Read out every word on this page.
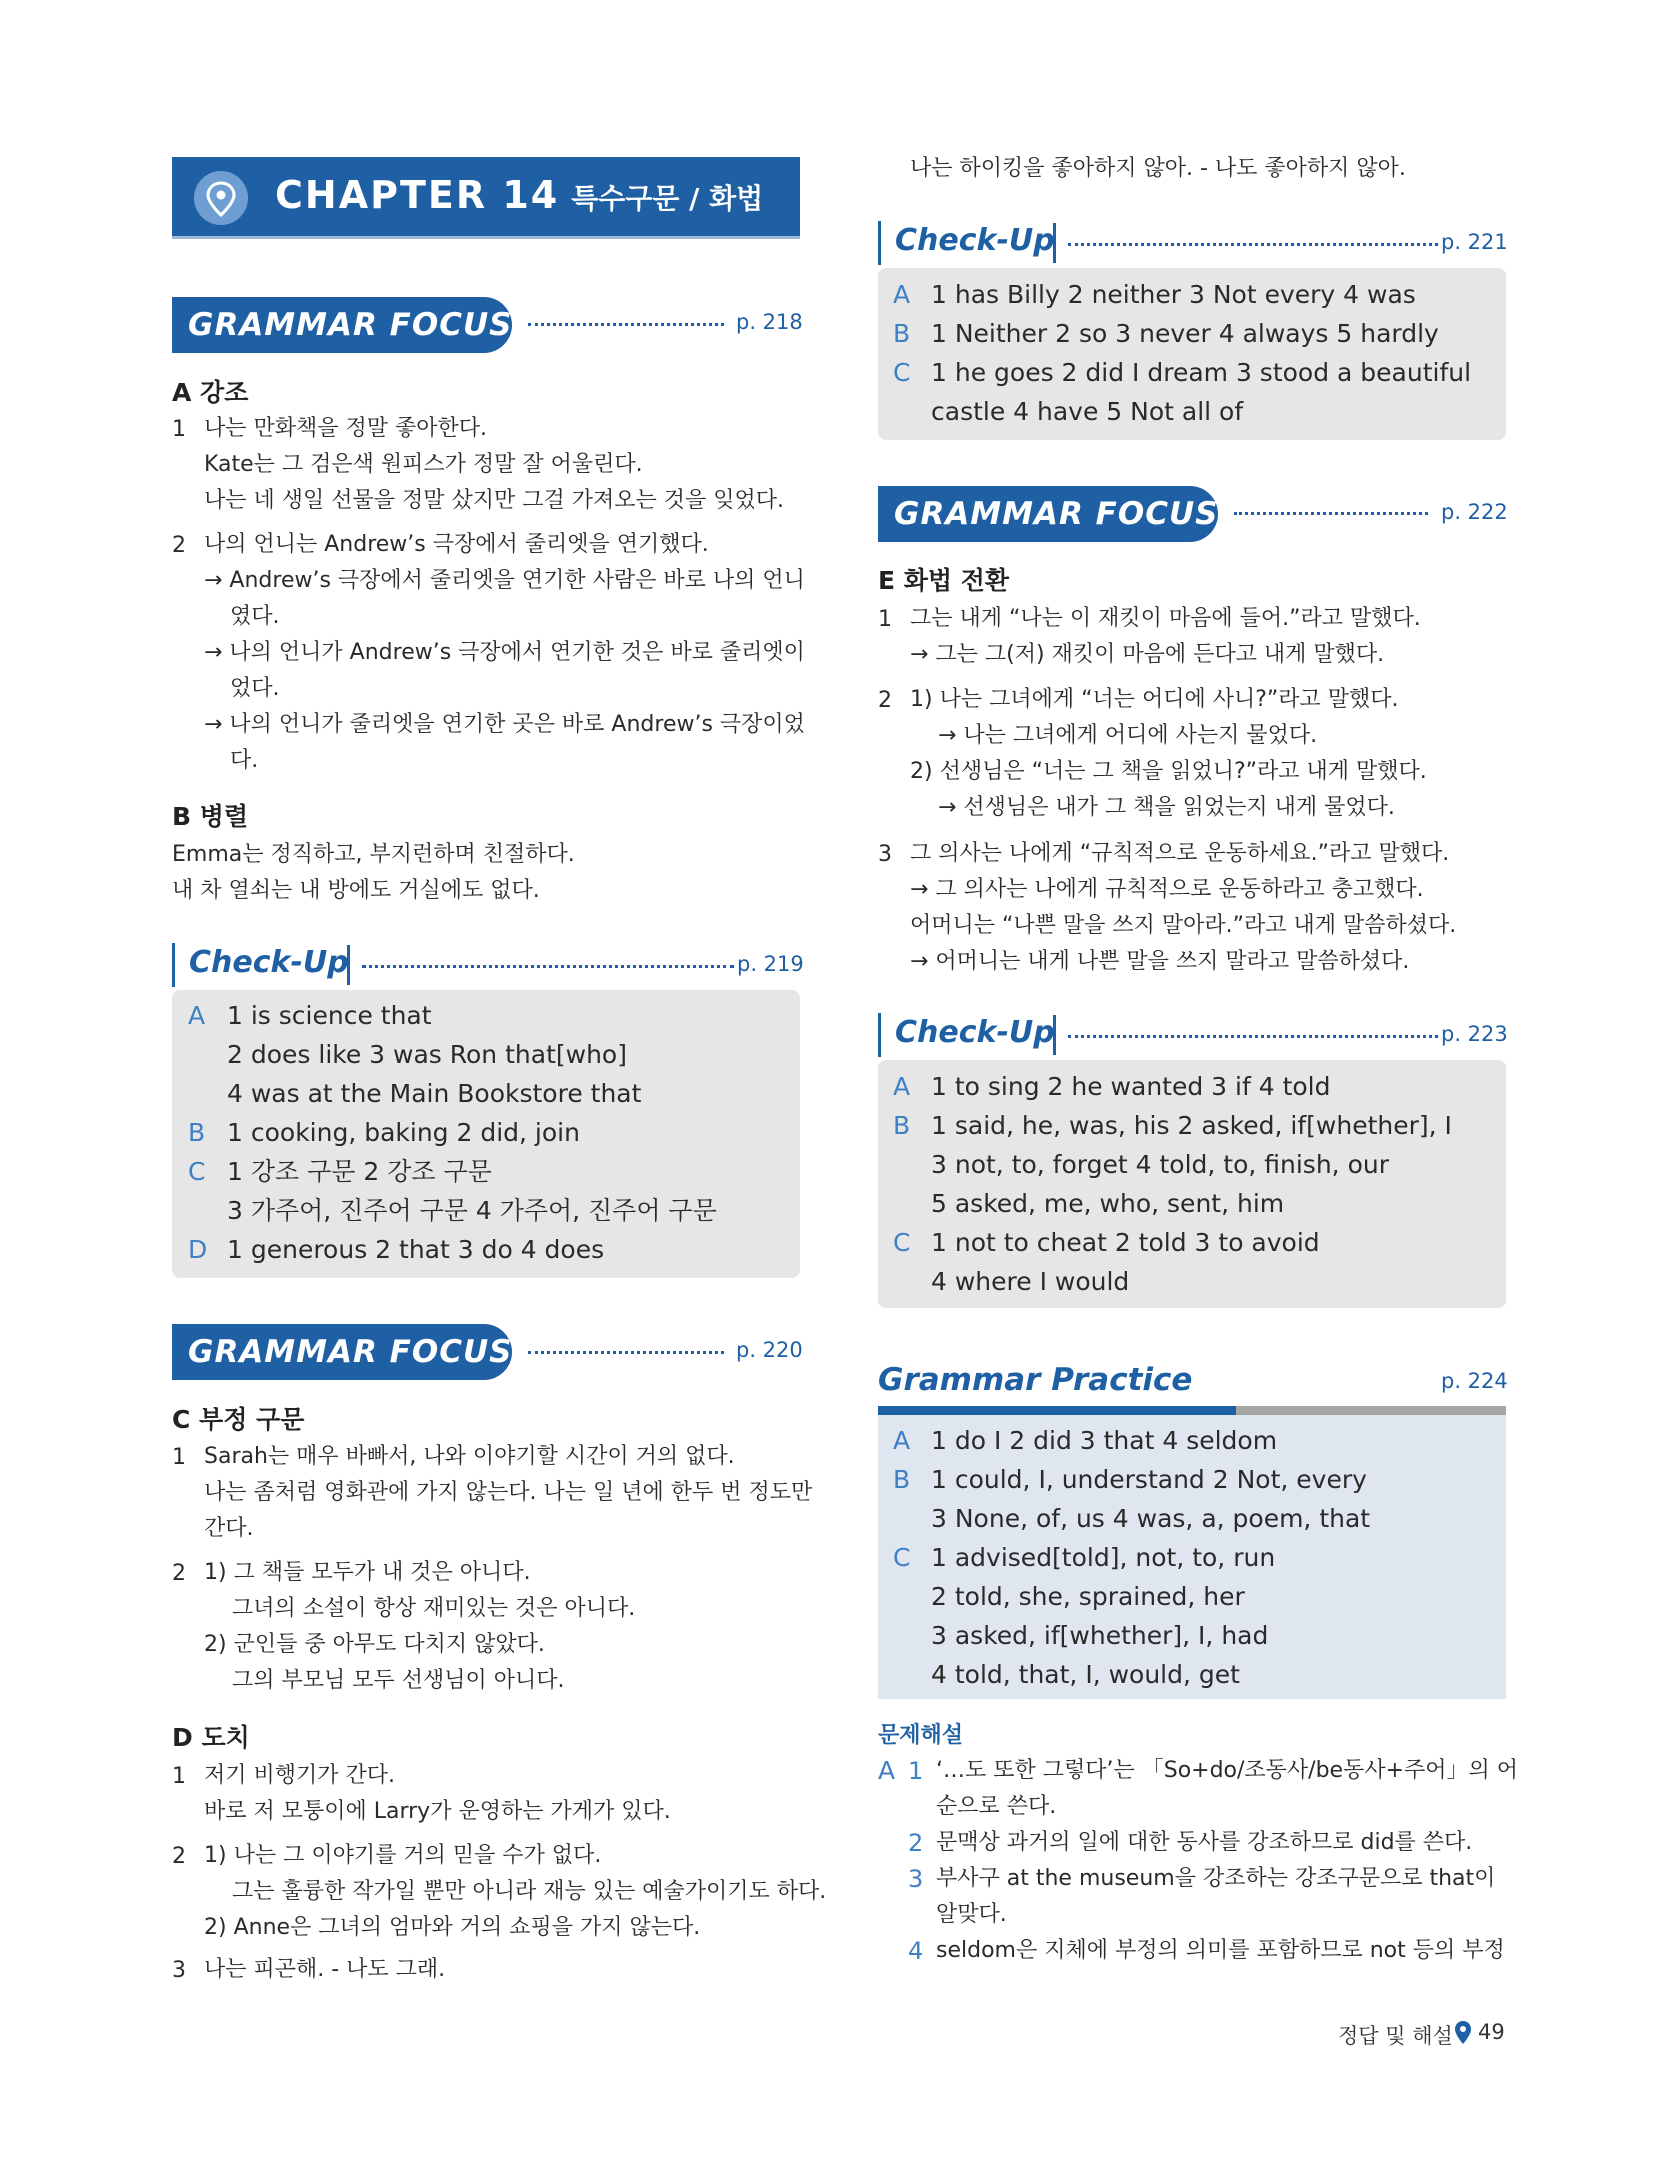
CHAPTER 14 특수구문 / 화법
GRAMMAR FOCUS	p. 218
A 강조
1 나는 만화책을 정말 좋아한다.
Kate는 그 검은색 원피스가 정말 잘 어울린다.
나는 네 생일 선물을 정말 샀지만 그걸 가져오는 것을 잊었다.
2 나의 언니는 Andrew’s 극장에서 줄리엣을 연기했다.
→ Andrew’s 극장에서 줄리엣을 연기한 사람은 바로 나의 언니
였다.
→ 나의 언니가 Andrew’s 극장에서 연기한 것은 바로 줄리엣이
었다.
→ 나의 언니가 줄리엣을 연기한 곳은 바로 Andrew’s 극장이었
다.
B 병렬
Emma는 정직하고, 부지런하며 친절하다.
내 차 열쇠는 내 방에도 거실에도 없다.
Check-Up	p. 219
A 1 is science that
2 does like 3 was Ron that[who]
4 was at the Main Bookstore that
B 1 cooking, baking 2 did, join
C 1 강조 구문 2 강조 구문
3 가주어, 진주어 구문 4 가주어, 진주어 구문
D 1 generous 2 that 3 do 4 does
GRAMMAR FOCUS	p. 220
C 부정 구문
1 Sarah는 매우 바빠서, 나와 이야기할 시간이 거의 없다.
나는 좀처럼 영화관에 가지 않는다. 나는 일 년에 한두 번 정도만
간다.
2 1) 그 책들 모두가 내 것은 아니다.
그녀의 소설이 항상 재미있는 것은 아니다.
2) 군인들 중 아무도 다치지 않았다.
그의 부모님 모두 선생님이 아니다.
D 도치
1 저기 비행기가 간다.
바로 저 모퉁이에 Larry가 운영하는 가게가 있다.
2 1) 나는 그 이야기를 거의 믿을 수가 없다.
그는 훌륭한 작가일 뿐만 아니라 재능 있는 예술가이기도 하다.
2) Anne은 그녀의 엄마와 거의 쇼핑을 가지 않는다.
3 나는 피곤해. - 나도 그래.
나는 하이킹을 좋아하지 않아. - 나도 좋아하지 않아.
Check-Up	p. 221
A 1 has Billy 2 neither 3 Not every 4 was
B 1 Neither 2 so 3 never 4 always 5 hardly
C 1 he goes 2 did I dream 3 stood a beautiful
castle 4 have 5 Not all of
GRAMMAR FOCUS	p. 222
E 화법 전환
1 그는 내게 “나는 이 재킷이 마음에 들어.”라고 말했다.
→ 그는 그(저) 재킷이 마음에 든다고 내게 말했다.
2 1) 나는 그녀에게 “너는 어디에 사니?”라고 말했다.
→ 나는 그녀에게 어디에 사는지 물었다.
2) 선생님은 “너는 그 책을 읽었니?”라고 내게 말했다.
→ 선생님은 내가 그 책을 읽었는지 내게 물었다.
3 그 의사는 나에게 “규칙적으로 운동하세요.”라고 말했다.
→ 그 의사는 나에게 규칙적으로 운동하라고 충고했다.
어머니는 “나쁜 말을 쓰지 말아라.”라고 내게 말씀하셨다.
→ 어머니는 내게 나쁜 말을 쓰지 말라고 말씀하셨다.
Check-Up	p. 223
A 1 to sing 2 he wanted 3 if 4 told
B 1 said, he, was, his 2 asked, if[whether], I
3 not, to, forget 4 told, to, finish, our
5 asked, me, who, sent, him
C 1 not to cheat 2 told 3 to avoid
4 where I would
Grammar Practice	p. 224
A 1 do I 2 did 3 that 4 seldom
B 1 could, I, understand 2 Not, every
3 None, of, us 4 was, a, poem, that
C 1 advised[told], not, to, run
2 told, she, sprained, her
3 asked, if[whether], I, had
4 told, that, I, would, get
문제해설
A 1 ‘…도 또한 그렇다’는 「So+do/조동사/be동사+주어」의 어
순으로 쓴다.
2 문맥상 과거의 일에 대한 동사를 강조하므로 did를 쓴다.
3 부사구 at the museum을 강조하는 강조구문으로 that이
알맞다.
4 seldom은 지체에 부정의 의미를 포함하므로 not 등의 부정
정답 및 해설 49
